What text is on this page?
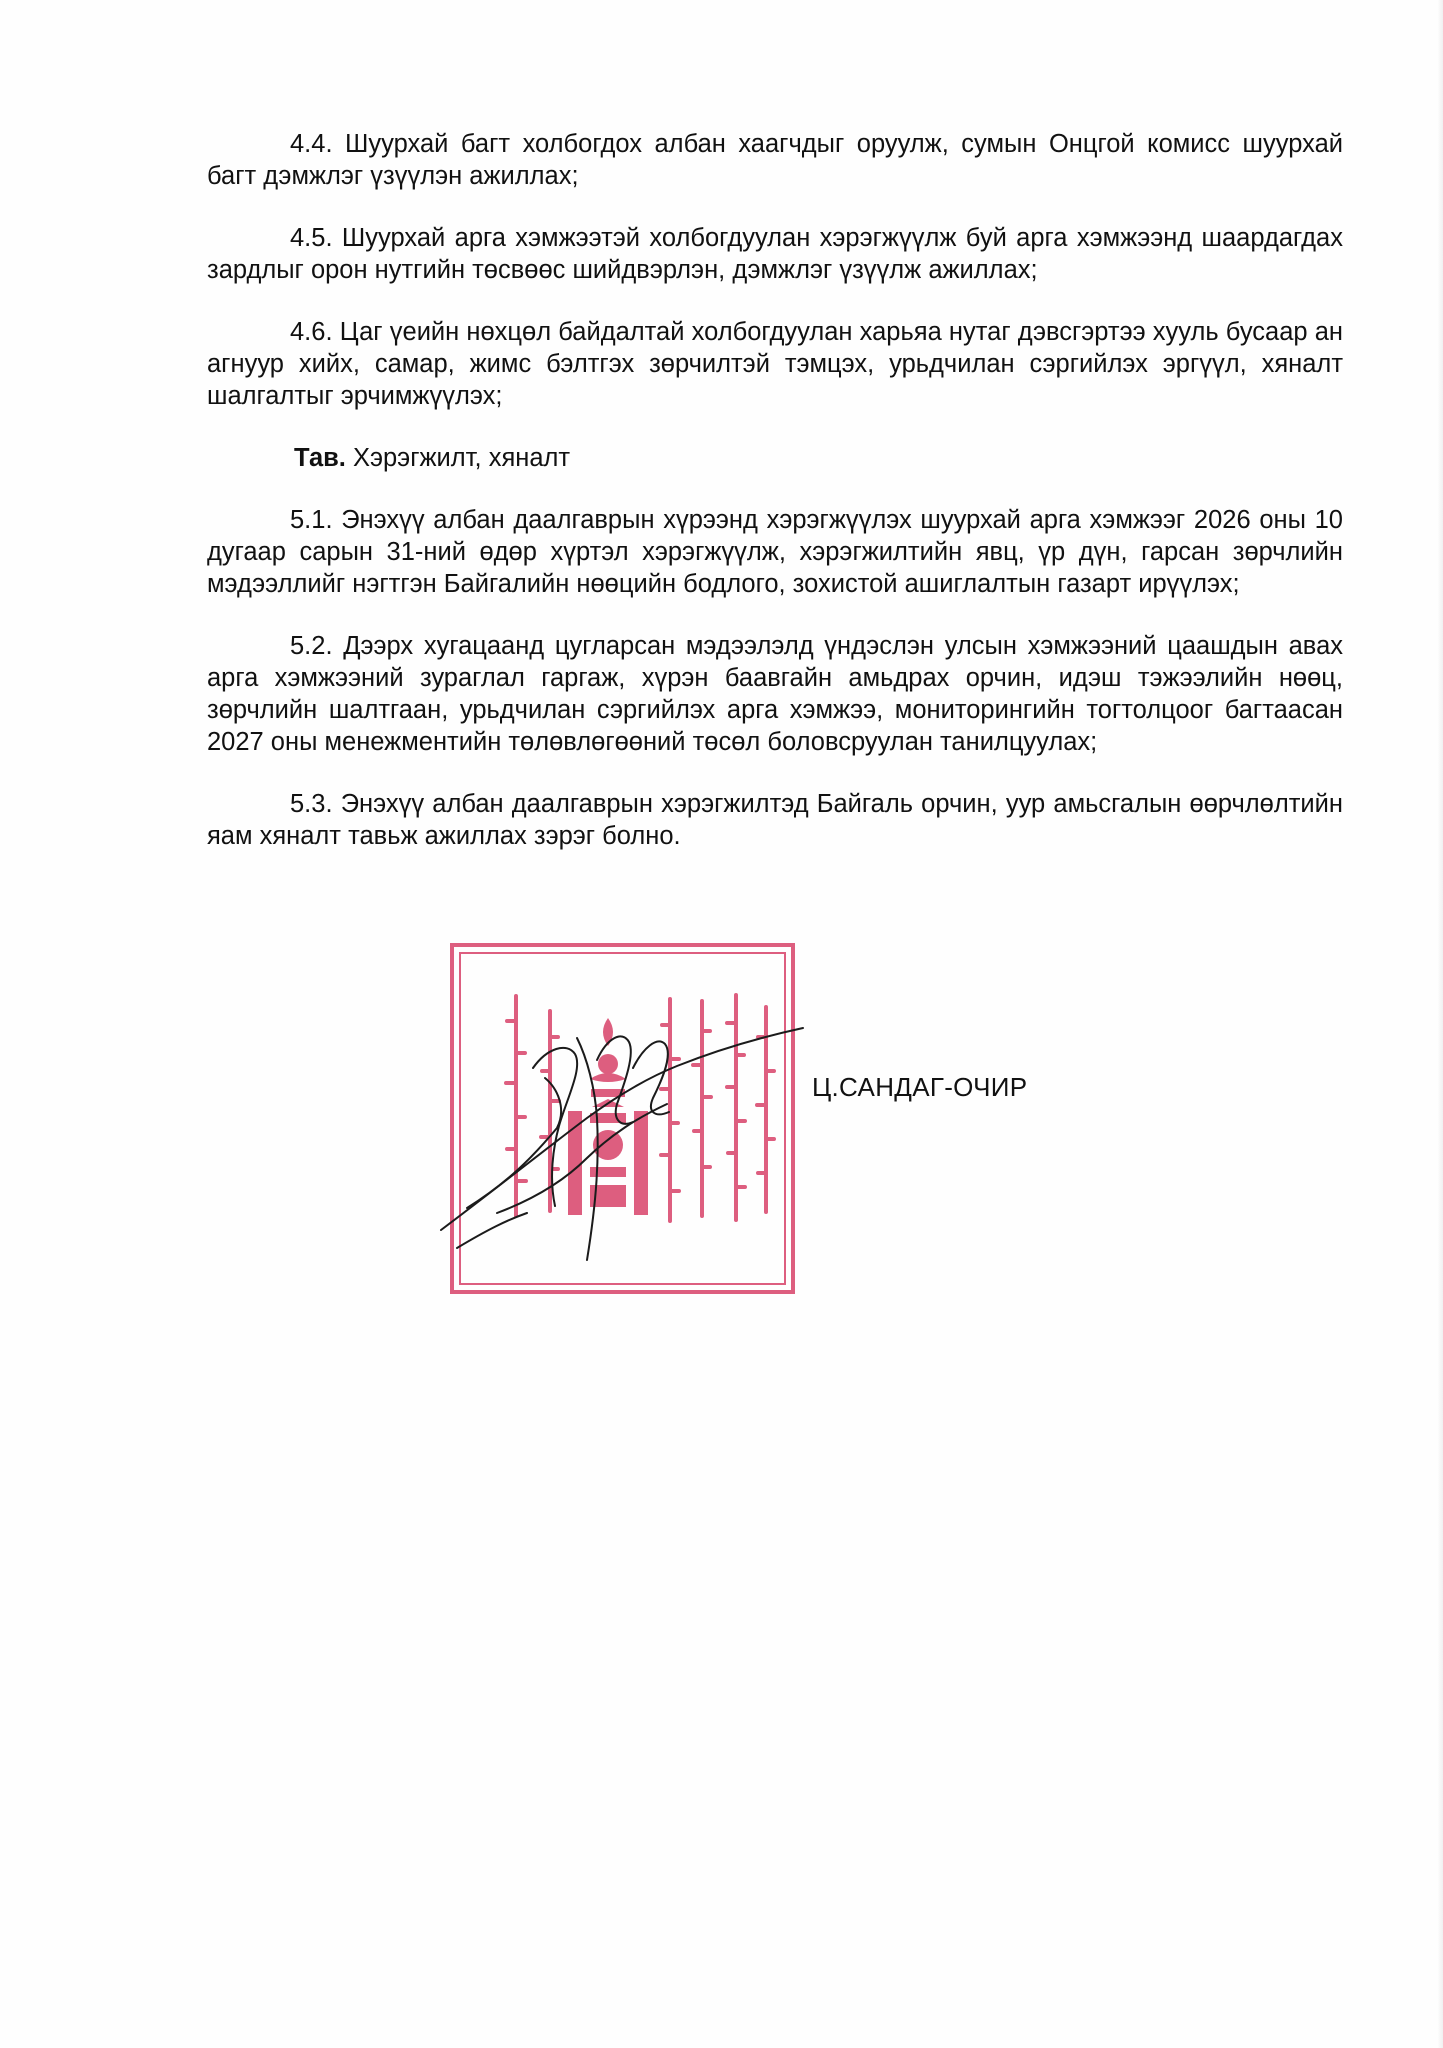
4.4. Шуурхай багт холбогдох албан хаагчдыг оруулж, сумын Онцгой комисс шуурхай багт дэмжлэг үзүүлэн ажиллах;

4.5. Шуурхай арга хэмжээтэй холбогдуулан хэрэгжүүлж буй арга хэмжээнд шаардагдах зардлыг орон нутгийн төсвөөс шийдвэрлэн, дэмжлэг үзүүлж ажиллах;

4.6. Цаг үеийн нөхцөл байдалтай холбогдуулан харьяа нутаг дэвсгэртээ хууль бусаар ан агнуур хийх, самар, жимс бэлтгэх зөрчилтэй тэмцэх, урьдчилан сэргийлэх эргүүл, хяналт шалгалтыг эрчимжүүлэх;

Тав. Хэрэгжилт, хяналт

5.1. Энэхүү албан даалгаврын хүрээнд хэрэгжүүлэх шуурхай арга хэмжээг 2026 оны 10 дугаар сарын 31-ний өдөр хүртэл хэрэгжүүлж, хэрэгжилтийн явц, үр дүн, гарсан зөрчлийн мэдээллийг нэгтгэн Байгалийн нөөцийн бодлого, зохистой ашиглалтын газарт ирүүлэх;

5.2. Дээрх хугацаанд цугларсан мэдээлэлд үндэслэн улсын хэмжээний цаашдын авах арга хэмжээний зураглал гаргаж, хүрэн баавгайн амьдрах орчин, идэш тэжээлийн нөөц, зөрчлийн шалтгаан, урьдчилан сэргийлэх арга хэмжээ, мониторингийн тогтолцоог багтаасан 2027 оны менежментийн төлөвлөгөөний төсөл боловсруулан танилцуулах;

5.3. Энэхүү албан даалгаврын хэрэгжилтэд Байгаль орчин, уур амьсгалын өөрчлөлтийн яам хяналт тавьж ажиллах зэрэг болно.

Ц.САНДАГ-ОЧИР
